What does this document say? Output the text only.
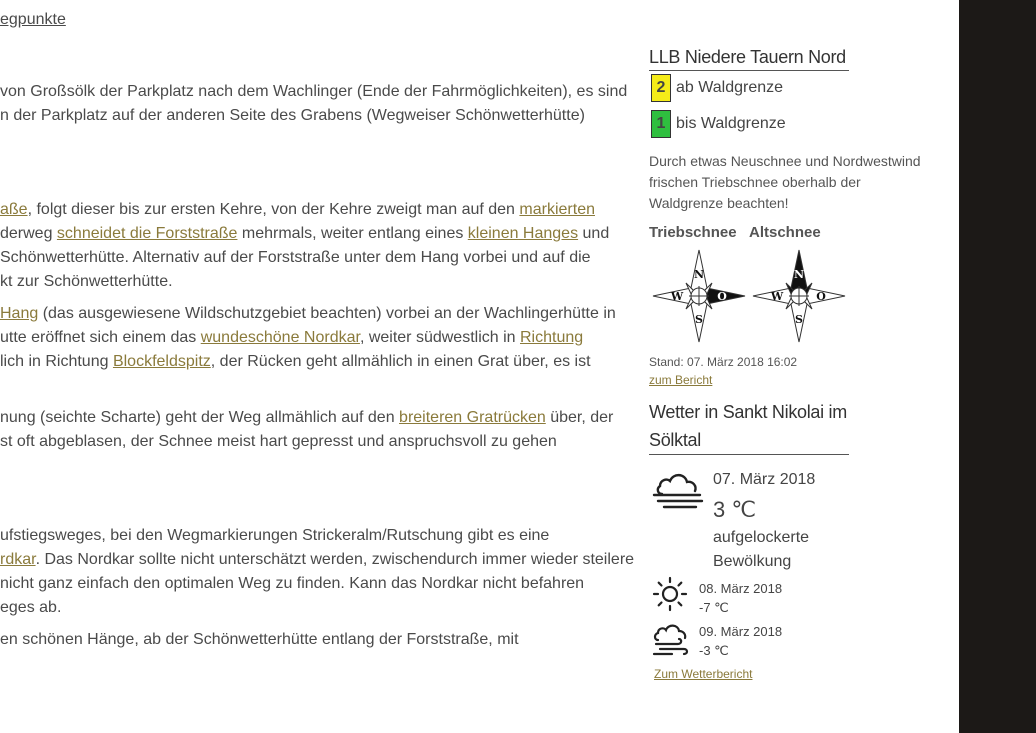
egpunkte
von Großsölk der Parkplatz nach dem Wachlinger (Ende der Fahrmöglichkeiten), es sind
n der Parkplatz auf der anderen Seite des Grabens (Wegweiser Schönwetterhütte)
aße, folgt dieser bis zur ersten Kehre, von der Kehre zweigt man auf den markierten
derweg schneidet die Forststraße mehrmals, weiter entlang eines kleinen Hanges und
Schönwetterhütte. Alternativ auf der Forststraße unter dem Hang vorbei und auf die
kt zur Schönwetterhütte.
Hang (das ausgewiesene Wildschutzgebiet beachten) vorbei an der Wachlingerhütte in
utte eröffnet sich einem das wundeschöne Nordkar, weiter südwestlich in Richtung
lich in Richtung Blockfeldspitz, der Rücken geht allmählich in einen Grat über, es ist
nung (seichte Scharte) geht der Weg allmählich auf den breiteren Gratrücken über, der
st oft abgeblasen, der Schnee meist hart gepresst und anspruchsvoll zu gehen
ufstiegsweges, bei den Wegmarkierungen Strickeralm/Rutschung gibt es eine
rdkar. Das Nordkar sollte nicht unterschätzt werden, zwischendurch immer wieder steilere
nicht ganz einfach den optimalen Weg zu finden. Kann das Nordkar nicht befahren
eges ab.
en schönen Hänge, ab der Schönwetterhütte entlang der Forststraße, mit
LLB Niedere Tauern Nord
2 ab Waldgrenze
1 bis Waldgrenze
Durch etwas Neuschnee und Nordwestwind frischen Triebschnee oberhalb der Waldgrenze beachten!
Triebschnee Altschnee
N
S
W	O
N
S
W	O
Stand: 07. März 2018 16:02
zum Bericht
Wetter in Sankt Nikolai im Sölktal
07. März 2018
3 ℃
aufgelockerte Bewölkung
08. März 2018
-7 ℃
09. März 2018
-3 ℃
Zum Wetterbericht
